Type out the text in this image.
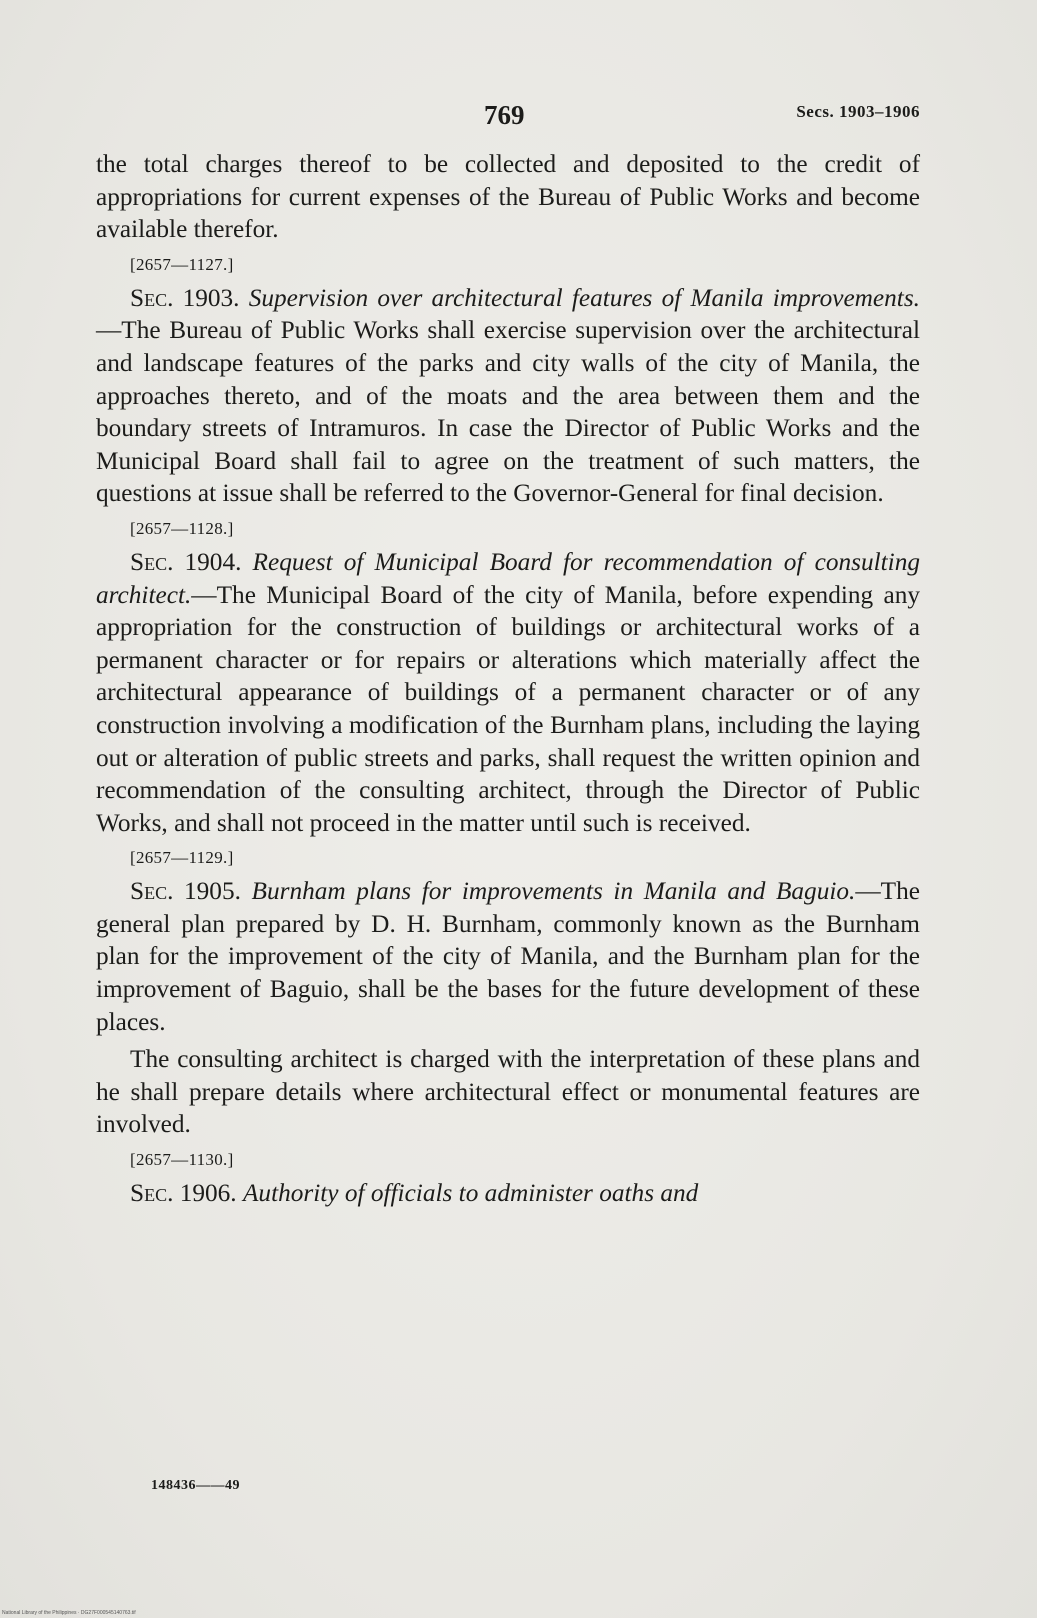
769	Secs. 1903–1906

the total charges thereof to be collected and deposited to the credit of appropriations for current expenses of the Bureau of Public Works and become available therefor.

[2657—1127.]

Sec. 1903. Supervision over architectural features of Manila improvements.—The Bureau of Public Works shall exercise supervision over the architectural and landscape features of the parks and city walls of the city of Manila, the approaches thereto, and of the moats and the area between them and the boundary streets of Intramuros. In case the Director of Public Works and the Municipal Board shall fail to agree on the treatment of such matters, the questions at issue shall be referred to the Governor-General for final decision.

[2657—1128.]

Sec. 1904. Request of Municipal Board for recommendation of consulting architect.—The Municipal Board of the city of Manila, before expending any appropriation for the construction of buildings or architectural works of a permanent character or for repairs or alterations which materially affect the architectural appearance of buildings of a permanent character or of any construction involving a modification of the Burnham plans, including the laying out or alteration of public streets and parks, shall request the written opinion and recommendation of the consulting architect, through the Director of Public Works, and shall not proceed in the matter until such is received.

[2657—1129.]

Sec. 1905. Burnham plans for improvements in Manila and Baguio.—The general plan prepared by D. H. Burnham, commonly known as the Burnham plan for the improvement of the city of Manila, and the Burnham plan for the improvement of Baguio, shall be the bases for the future development of these places.

The consulting architect is charged with the interpretation of these plans and he shall prepare details where architectural effect or monumental features are involved.

[2657—1130.]

Sec. 1906. Authority of officials to administer oaths and

148436——49
National Library of the Philippines · DG27F000545140763.tif
